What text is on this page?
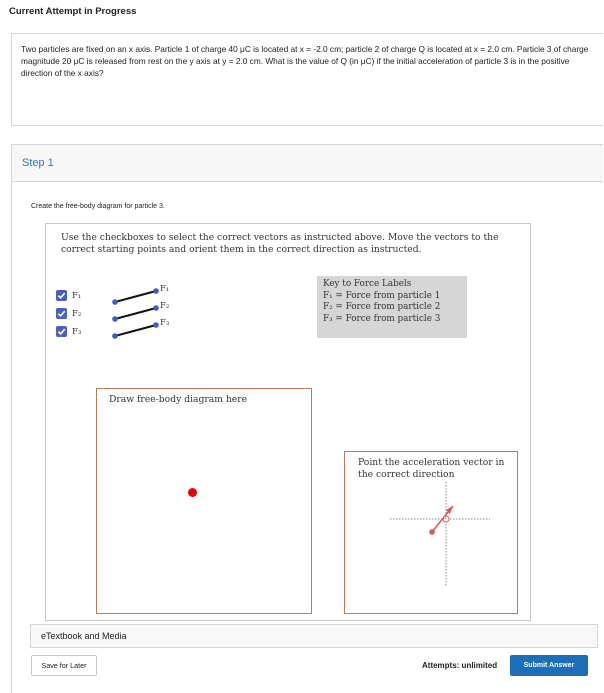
Current Attempt in Progress
Two particles are fixed on an x axis. Particle 1 of charge 40 μC is located at x = -2.0 cm; particle 2 of charge Q is located at x = 2.0 cm. Particle 3 of charge magnitude 20 μC is released from rest on the y axis at y = 2.0 cm. What is the value of Q (in μC) if the initial acceleration of particle 3 is in the positive direction of the x axis?
Step 1
Create the free-body diagram for particle 3.
Use the checkboxes to select the correct vectors as instructed above. Move the vectors to the correct starting points and orient them in the correct direction as instructed.
F₁
F₂
F₃
F₁
F₂
F₃
Key to Force Labels
F₁ = Force from particle 1
F₂ = Force from particle 2
F₃ = Force from particle 3
Draw free-body diagram here
Point the acceleration vector in the correct direction
a
eTextbook and Media
Save for Later	Attempts: unlimited	Submit Answer
